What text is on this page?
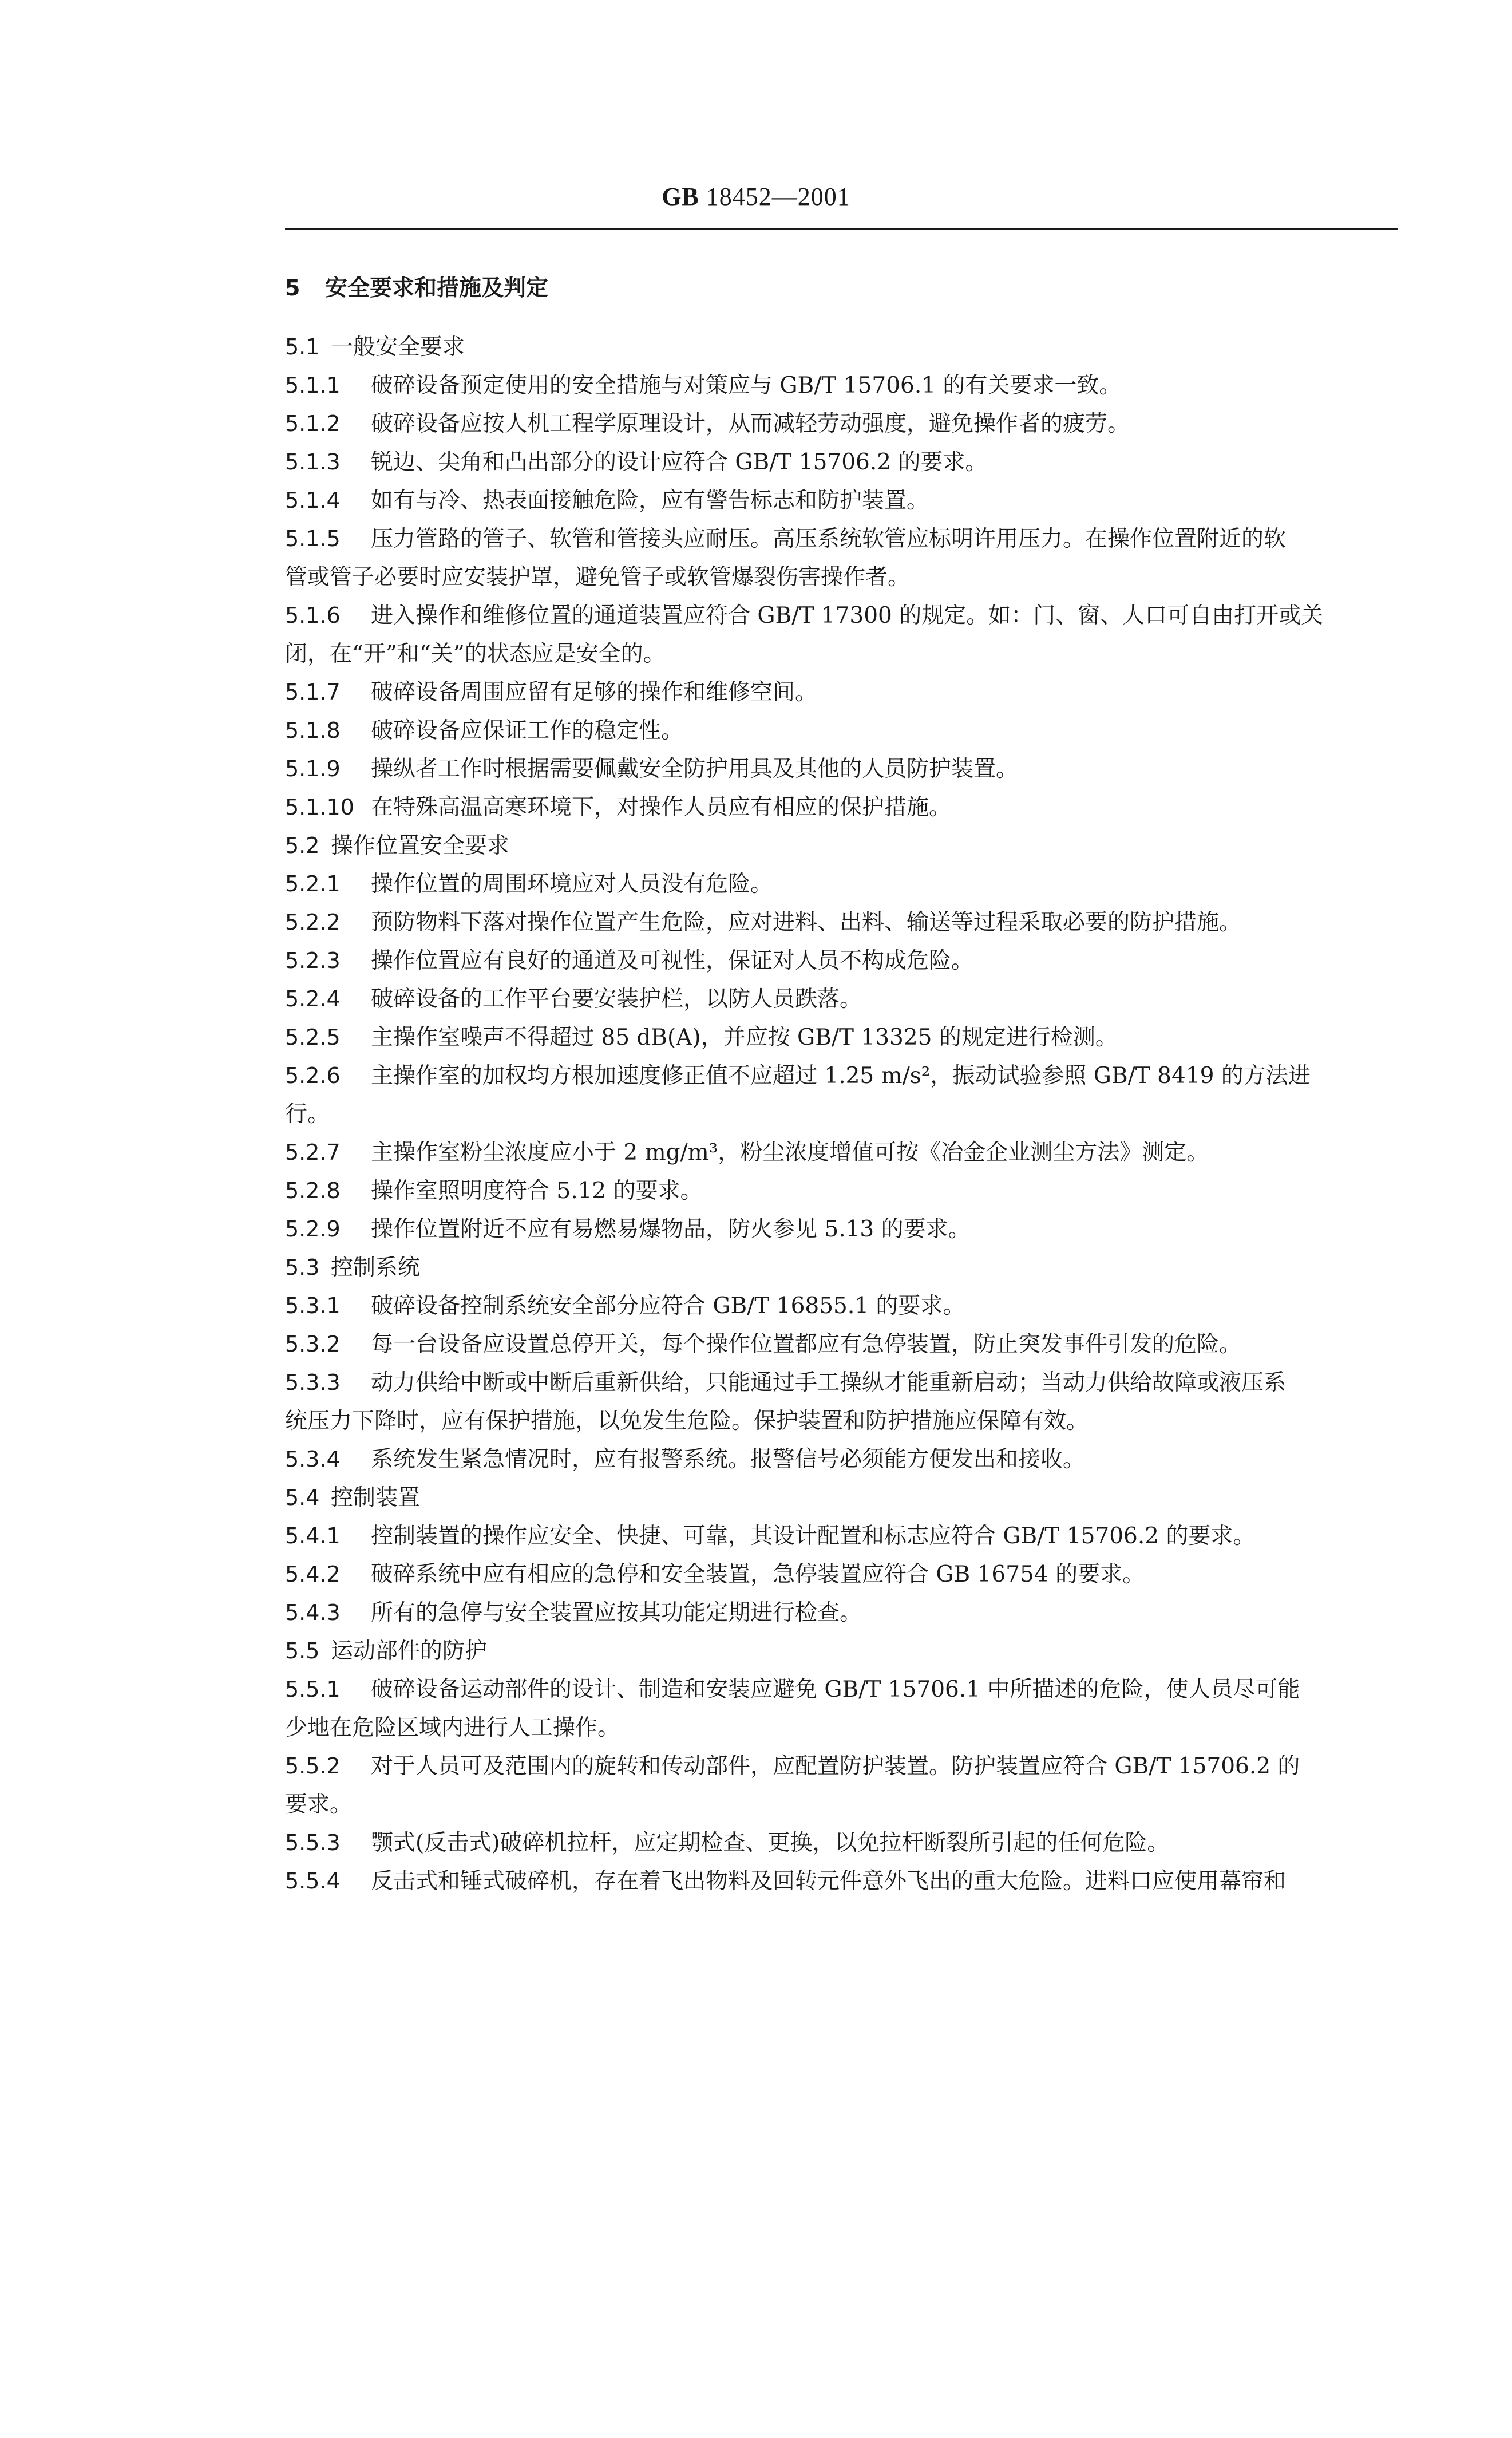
GB 18452—2001
5 安全要求和措施及判定
5.1 一般安全要求
5.1.1 破碎设备预定使用的安全措施与对策应与 GB/T 15706.1 的有关要求一致。
5.1.2 破碎设备应按人机工程学原理设计，从而减轻劳动强度，避免操作者的疲劳。
5.1.3 锐边、尖角和凸出部分的设计应符合 GB/T 15706.2 的要求。
5.1.4 如有与冷、热表面接触危险，应有警告标志和防护装置。
5.1.5 压力管路的管子、软管和管接头应耐压。高压系统软管应标明许用压力。在操作位置附近的软
管或管子必要时应安装护罩，避免管子或软管爆裂伤害操作者。
5.1.6 进入操作和维修位置的通道装置应符合 GB/T 17300 的规定。如：门、窗、人口可自由打开或关
闭，在“开”和“关”的状态应是安全的。
5.1.7 破碎设备周围应留有足够的操作和维修空间。
5.1.8 破碎设备应保证工作的稳定性。
5.1.9 操纵者工作时根据需要佩戴安全防护用具及其他的人员防护装置。
5.1.10 在特殊高温高寒环境下，对操作人员应有相应的保护措施。
5.2 操作位置安全要求
5.2.1 操作位置的周围环境应对人员没有危险。
5.2.2 预防物料下落对操作位置产生危险，应对进料、出料、输送等过程采取必要的防护措施。
5.2.3 操作位置应有良好的通道及可视性，保证对人员不构成危险。
5.2.4 破碎设备的工作平台要安装护栏，以防人员跌落。
5.2.5 主操作室噪声不得超过 85 dB(A)，并应按 GB/T 13325 的规定进行检测。
5.2.6 主操作室的加权均方根加速度修正值不应超过 1.25 m/s²，振动试验参照 GB/T 8419 的方法进
行。
5.2.7 主操作室粉尘浓度应小于 2 mg/m³，粉尘浓度增值可按《冶金企业测尘方法》测定。
5.2.8 操作室照明度符合 5.12 的要求。
5.2.9 操作位置附近不应有易燃易爆物品，防火参见 5.13 的要求。
5.3 控制系统
5.3.1 破碎设备控制系统安全部分应符合 GB/T 16855.1 的要求。
5.3.2 每一台设备应设置总停开关，每个操作位置都应有急停装置，防止突发事件引发的危险。
5.3.3 动力供给中断或中断后重新供给，只能通过手工操纵才能重新启动；当动力供给故障或液压系
统压力下降时，应有保护措施，以免发生危险。保护装置和防护措施应保障有效。
5.3.4 系统发生紧急情况时，应有报警系统。报警信号必须能方便发出和接收。
5.4 控制装置
5.4.1 控制装置的操作应安全、快捷、可靠，其设计配置和标志应符合 GB/T 15706.2 的要求。
5.4.2 破碎系统中应有相应的急停和安全装置，急停装置应符合 GB 16754 的要求。
5.4.3 所有的急停与安全装置应按其功能定期进行检查。
5.5 运动部件的防护
5.5.1 破碎设备运动部件的设计、制造和安装应避免 GB/T 15706.1 中所描述的危险，使人员尽可能
少地在危险区域内进行人工操作。
5.5.2 对于人员可及范围内的旋转和传动部件，应配置防护装置。防护装置应符合 GB/T 15706.2 的
要求。
5.5.3 颚式(反击式)破碎机拉杆，应定期检查、更换，以免拉杆断裂所引起的任何危险。
5.5.4 反击式和锤式破碎机，存在着飞出物料及回转元件意外飞出的重大危险。进料口应使用幕帘和
